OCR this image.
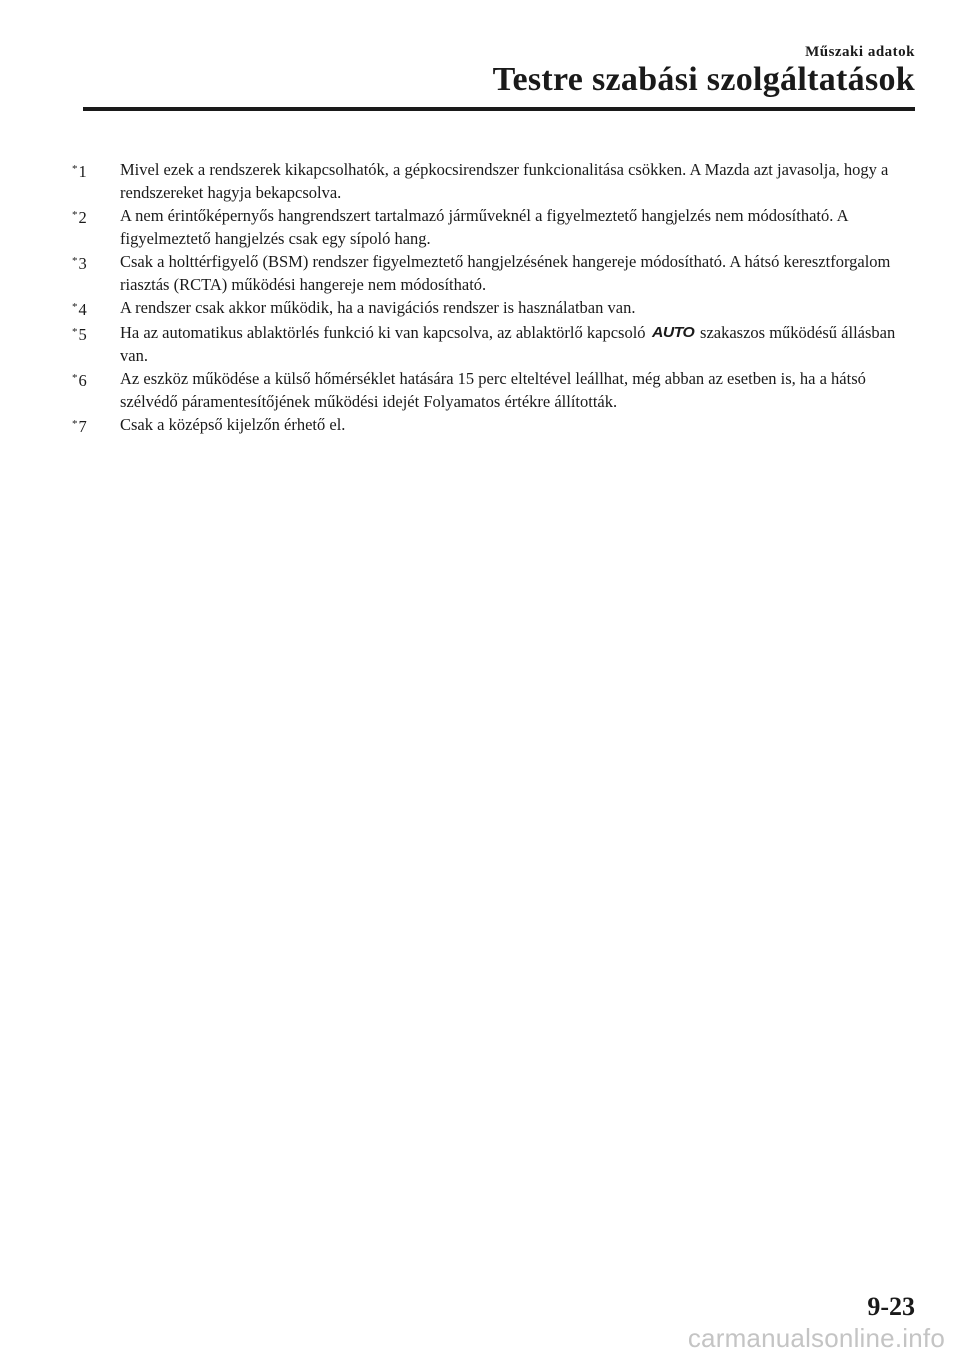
Műszaki adatok
Testre szabási szolgáltatások
*1	Mivel ezek a rendszerek kikapcsolhatók, a gépkocsirendszer funkcionalitása csökken. A Mazda azt javasolja, hogy a rendszereket hagyja bekapcsolva.
*2	A nem érintőképernyős hangrendszert tartalmazó járműveknél a figyelmeztető hangjelzés nem módosítható. A figyelmeztető hangjelzés csak egy sípoló hang.
*3	Csak a holttérfigyelő (BSM) rendszer figyelmeztető hangjelzésének hangereje módosítható. A hátsó keresztforgalom riasztás (RCTA) működési hangereje nem módosítható.
*4	A rendszer csak akkor működik, ha a navigációs rendszer is használatban van.
*5	Ha az automatikus ablaktörlés funkció ki van kapcsolva, az ablaktörlő kapcsoló AUTO szakaszos működésű állásban van.
*6	Az eszköz működése a külső hőmérséklet hatására 15 perc elteltével leállhat, még abban az esetben is, ha a hátsó szélvédő páramentesítőjének működési idejét Folyamatos értékre állították.
*7	Csak a középső kijelzőn érhető el.
9-23
carmanualsonline.info
